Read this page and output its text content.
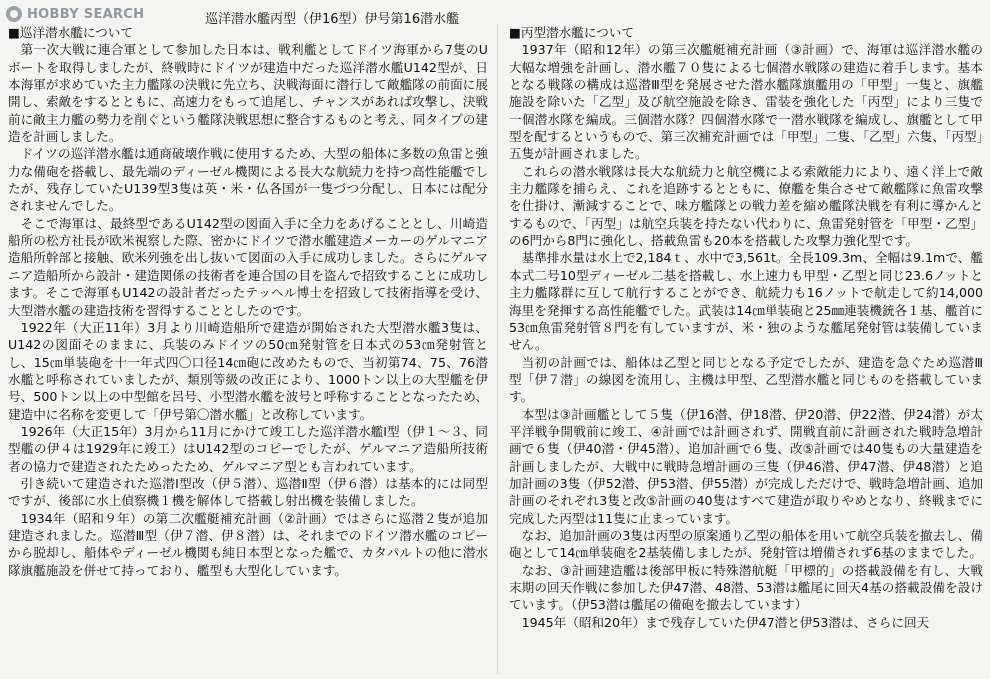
HOBBY SEARCH	巡洋潜水艦丙型（伊16型）伊号第16潜水艦
■巡洋潜水艦について

第一次大戦に連合軍として参加した日本は、戦利艦としてドイツ海軍から7隻のUボートを取得しましたが、終戦時にドイツが建造中だった巡洋潜水艦U142型が、日本海軍が求めていた主力艦隊の決戦に先立ち、決戦海面に潜行して敵艦隊の前面に展開し、索敵をするとともに、高速力をもって追尾し、チャンスがあれば攻撃し、決戦前に敵主力艦の勢力を削ぐという艦隊決戦思想に整合するものと考え、同タイプの建造を計画しました。

ドイツの巡洋潜水艦は通商破壊作戦に使用するため、大型の船体に多数の魚雷と強力な備砲を搭載し、最先端のディーゼル機関による長大な航続力を持つ高性能艦でしたが、残存していたU139型3隻は英・米・仏各国が一隻づつ分配し、日本には配分されませんでした。

そこで海軍は、最終型であるU142型の図面入手に全力をあげることとし、川崎造船所の松方社長が欧米視察した際、密かにドイツで潜水艦建造メーカーのゲルマニア造船所幹部と接触、欧米列強を出し抜いて図面の入手に成功しました。さらにゲルマニア造船所から設計・建造関係の技術者を連合国の目を盗んで招致することに成功します。そこで海軍もU142の設計者だったテッヘル博士を招致して技術指導を受け、大型潜水艦の建造技術を習得することとしたのです。

1922年（大正11年）3月より川崎造船所で建造が開始された大型潜水艦3隻は、U142の図面そのままに、兵装のみドイツの50㎝発射管を日本式の53㎝発射管とし、15㎝単装砲を十一年式四〇口径14㎝砲に改めたもので、当初第74、75、76潜水艦と呼称されていましたが、類別等級の改正により、1000トン以上の大型艦を伊号、500トン以上の中型館を呂号、小型潜水艦を波号と呼称することとなったため、建造中に名称を変更して「伊号第〇潜水艦」と改称しています。

1926年（大正15年）3月から11月にかけて竣工した巡洋潜水艦Ⅰ型（伊１～３、同型艦の伊４は1929年に竣工）はU142型のコピーでしたが、ゲルマニア造船所技術者の協力で建造されたためったため、ゲルマニア型とも言われています。

引き続いて建造された巡潜Ⅰ型改（伊５潜）、巡潜Ⅱ型（伊６潜）は基本的には同型ですが、後部に水上偵察機１機を解体して搭載し射出機を装備しました。

1934年（昭和９年）の第二次艦艇補充計画（②計画）ではさらに巡潜２隻が追加建造されました。巡潜Ⅲ型（伊７潜、伊８潜）は、それまでのドイツ潜水艦のコピーから脱却し、船体やディーゼル機関も純日本型となった艦で、カタパルトの他に潜水隊旗艦施設を併せて持っており、艦型も大型化しています。

■丙型潜水艦について

1937年（昭和12年）の第三次艦艇補充計画（③計画）で、海軍は巡洋潜水艦の大幅な増強を計画し、潜水艦７０隻による七個潜水戦隊の建造に着手します。基本となる戦隊の構成は巡潜Ⅲ型を発展させた潜水艦隊旗艦用の「甲型」一隻と、旗艦施設を除いた「乙型」及び航空施設を除き、雷装を強化した「丙型」により三隻で一個潜水隊を編成。三個潜水隊？四個潜水隊で一潜水戦隊を編成し、旗艦として甲型を配するというもので、第三次補充計画では「甲型」二隻、「乙型」六隻、「丙型」五隻が計画されました。

これらの潜水戦隊は長大な航続力と航空機による索敵能力により、遠く洋上で敵主力艦隊を捕らえ、これを追跡するとともに、僚艦を集合させて敵艦隊に魚雷攻撃を仕掛け、漸減することで、味方艦隊との戦力差を縮め艦隊決戦を有利に導かんとするもので、「丙型」は航空兵装を持たない代わりに、魚雷発射管を「甲型・乙型」の6門から8門に強化し、搭載魚雷も20本を搭載した攻撃力強化型です。

基準排水量は水上で2,184ｔ、水中で3,561t。全長109.3m、全幅は9.1mで、艦本式二号10型ディーゼル二基を搭載し、水上速力も甲型・乙型と同じ23.6ノットと主力艦隊群に互して航行することができ、航続力も16ノットで航走して約14,000海里を発揮する高性能艦でした。武装は14㎝単装砲と25㎜連装機銃各１基、艦首に53㎝魚雷発射管８門を有していますが、米・独のような艦尾発射管は装備していません。

当初の計画では、船体は乙型と同じとなる予定でしたが、建造を急ぐため巡潜Ⅲ型「伊７潜」の線図を流用し、主機は甲型、乙型潜水艦と同じものを搭載しています。

本型は③計画艦として５隻（伊16潜、伊18潜、伊20潜、伊22潜、伊24潜）が太平洋戦争開戦前に竣工、④計画では計画されず、開戦直前に計画された戦時急増計画で６隻（伊40潜・伊45潜）、追加計画で６隻、改⑤計画では40隻もの大量建造を計画しましたが、大戦中に戦時急増計画の三隻（伊46潜、伊47潜、伊48潜）と追加計画の3隻（伊52潜、伊53潜、伊55潜）が完成しただけで、戦時急増計画、追加計画のそれぞれ3隻と改⑤計画の40隻はすべて建造が取りやめとなり、終戦までに完成した丙型は11隻に止まっています。

なお、追加計画の3隻は丙型の原案通り乙型の船体を用いて航空兵装を撤去し、備砲として14㎝単装砲を2基装備しましたが、発射管は増備されず6基のままでした。

なお、③計画建造艦は後部甲板に特殊潜航艇「甲標的」の搭載設備を有し、大戦末期の回天作戦に参加した伊47潜、48潜、53潜は艦尾に回天4基の搭載設備を設けています。（伊53潜は艦尾の備砲を撤去しています）

1945年（昭和20年）まで残存していた伊47潜と伊53潜は、さらに回天
